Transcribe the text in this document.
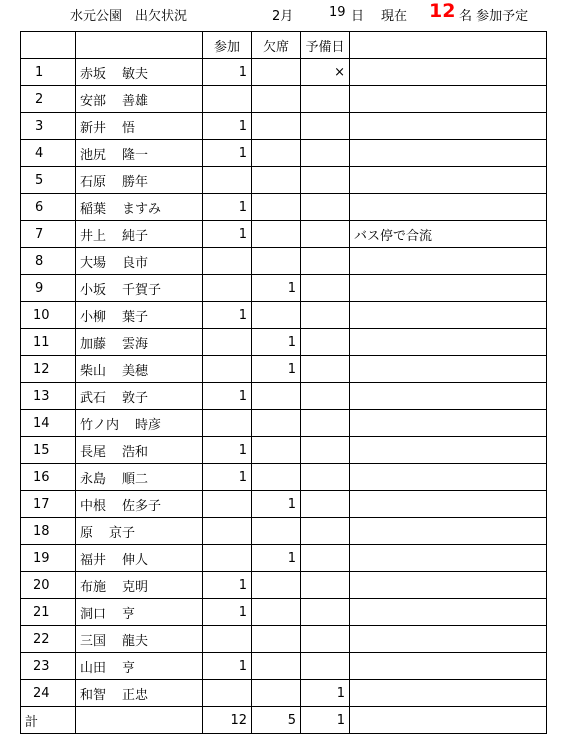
水元公園　出欠状況	2月	19 日 現在 12 名 参加予定
		参加	欠席	予備日	
1	赤坂 敏夫	1		×	
2	安部 善雄				
3	新井 悟	1			
4	池尻 隆一	1			
5	石原 勝年				
6	稲葉 ますみ	1			
7	井上 純子	1			バス停で合流
8	大場 良市				
9	小坂 千賀子		1		
10	小柳 葉子	1			
11	加藤 雲海		1		
12	柴山 美穂		1		
13	武石 敦子	1			
14	竹ノ内 時彦				
15	長尾 浩和	1			
16	永島 順二	1			
17	中根 佐多子		1		
18	原 京子				
19	福井 伸人		1		
20	布施 克明	1			
21	洞口 亨	1			
22	三国 龍夫				
23	山田 亨	1			
24	和智 正忠			1	
計		12	5	1	
